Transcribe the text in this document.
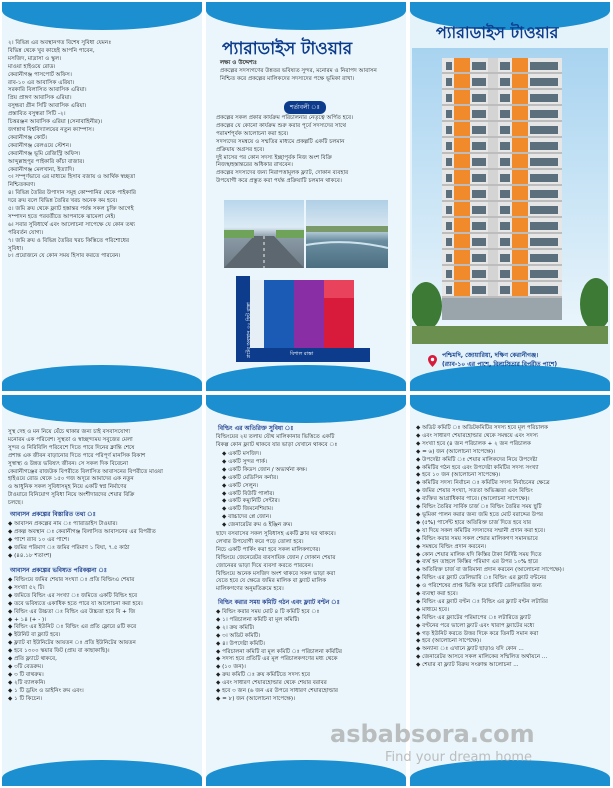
২। বিভিন্ন এর অবস্থানগত বিশেষ সুবিধা যেমনঃ
বিভিন্ন থেকে খুব কাছেই আপনি পাবেন,
মসজিদ, মাদ্রাসা ও স্কুল।
মাওয়া হাইওয়ে রোড।
কেরানীগঞ্জ পাসপোর্ট অফিস।
রাব-১০ এর আবাসিক এরিয়া।
সরকারি বিলাসিত আবাসিক এরিয়া।
প্রিয় প্রাঙ্গণ আবাসিক এরিয়া।
বসুন্ধরা গ্রীন সিটি আবাসিক এরিয়া।
প্রস্তাবিত বসুন্ধরা সিটি -২।
চিত্তরঞ্জন আবাসিক এরিয়া (সেনাবাহিনীর)।
জগন্নাথ বিশ্ববিদ্যালয়ের নতুন ক্যাম্পাস।
কেরানীগঞ্জ কোর্ট।
কেরানীগঞ্জ রেলওয়ে স্টেশন।
কেরানীগঞ্জ ভূমি রেজিস্ট্রি অফিস।
আব্দুল্লাহপুর পাইকারি কাঁচা বাজার।
কেরানীগঞ্জ মেলখানা, ইত্যাদি।
৩। সম্পূর্ণভাবে এর মাধ্যমে হিসাব বজায় ও আর্থিক স্বচ্ছতা
নিশ্চিতকরণ।
৪। বিভিন্ন তৈরির উপাদান সমূহ কোম্পানির থেকে পাইকারি
দরে ক্রয় বলে বিভিন্ন তৈরির খরচ অনেক কম হবে।
৫। জমি ক্রয় থেকে ফ্ল্যাট হস্তান্তর পর্যন্ত সকল চুক্তি আগেই
সম্পাদন হতে পরবর্তীতে আপনাকে ঝামেলা নেই।
৬। সবার সুবিধার্থে এবং আলোচনা সাপেক্ষে যে কোন তথ্য
পরিবর্তন যোগ্য।
৭। জমি ক্রয় ও বিভিন্ন তৈরির খরচ কিস্তিতে পরিশোধের
সুবিধা।
৮। প্রয়োজনে যে কোন সময় হিসাব করতে পারবেন।
প্যারাডাইস টাওয়ার
লক্ষ্য ও উদ্দেশ্যঃ
প্রকল্পের সদস্যগণের উন্নতর ভবিষ্যত সুন্দর, মনোরম ও নিরাপদ আবাসন
নিশ্চিত করে প্রকল্পের মালিকদের সদস্যদের পক্ষে ভূমিকা রাখা।
শর্তাবলী ঃ
প্রকল্পের সকল প্রকার কার্যক্রম পরিচালনার নেতৃত্বে অর্পিত হবে।
প্রকল্পের যে কোনো কার্যক্রম শুরু করার পূর্বে সদস্যদের সাথে
পরামর্শপূর্বক আলোচনা করা হবে।
সদস্যদের সমন্বয়ে ও সম্মতির মাধ্যমে প্রকল্পটি একটি চলমান
প্রক্রিয়ায় অগ্রসর হবে।
দুই মাসের পর কোন সদস্য ইচ্ছাপূর্বক নিজ অংশ বিক্রি
নিজস্ব/হস্তান্তরের অধিকার রাখবেন।
প্রকল্পের সদস্যদের জন্য নিরাপত্তামূলক ফ্ল্যাট, দোকান ব্যবহার
উপযোগী করে প্রস্তুত করা পর্যন্ত প্রক্রিয়াটি চলমান থাকবে।
প্লটের অবস্থান ৩০ ফিট রাস্তা	বিশাল রাস্তা
প্যারাডাইস টাওয়ার
পশ্চিমদি, জোয়ারিয়া, দক্ষিণ কেরানীগঞ্জ।
(র‍্যাব-১০ এর পাশে, বিলাসিতার বিপরীত পাশে)
সুস্থ দেহ ও মন নিয়ে বেঁচে থাকার জন্য চাই বসবাসযোগ্য
মনোরম এক পরিবেশ। সুস্থতা ও স্বাচ্ছন্দ্যময় সবুজের মেলা
সুন্দর ও নিরিবিলি পরিবেশে দিতে পারে দিনের ক্লান্তি শেষে
প্রশান্ত এক জীবন বাড়ানোর দিতে পারে পরিপূর্ণ মানসিক বিকাশ
সুস্বাস্থ্য ও উন্নত ভবিষ্যৎ জীবন। সে সকল দিক বিবেচনা
কেরানীগঞ্জের রাজউক বিপরীতে বিলাসিত আবাসনের বিপরীতে মাওয়া
হাইওয়ে রোড থেকে ১৫০ গজ অদূরে আমাদের এক নতুন
ও আধুনিক সকল সুবিধাসমূহ নিয়ে একটি স্বপ্ন নির্মাণের
টাওয়ারে বিনিয়োগ সুবিধা নিয়ে অংশীদারদের শেয়ার বিক্রি
চলছে।
আবাসন প্রকল্পের বিস্তারিত তথ্য ঃ
◆ আবাসন প্রকল্পের নাম ঃ প্যারাডাইস টাওয়ার।
◆ প্রকল্প অবস্থান ঃ কেরানীগঞ্জ বিলাসিত আবাসনের এর বিপরীত
◆ পাশে র‍্যাব ১০ এর পাশে।
◆ জমির পরিমাণ ঃ জমির পরিমাণ ১ বিঘা, ৭.৫ কাঠা
◆ (৪৪.১৮ শতাংশ)
আবাসন প্রকল্পের ভবিষ্যত পরিকল্পনা ঃ
◆ বিল্ডিংয়ে জমির শেয়ার সংখ্যা ঃ প্রতি বিল্ডিংএ শেয়ার
◆ সংখ্যা ৫২ টি।
◆ জমিতে বিল্ডিং এর সংখ্যা ঃ জমিতে একটি বিল্ডিং হবে
◆ তবে ভবিষ্যতে একাধিক হতে পারে যা আলোচনা করা হবে।
◆ বিল্ডিং এর উচ্চতা ঃ বিল্ডিং এর উচ্চতা হবে বি + জি
◆ + ১৪ (+ - )।
◆ বিল্ডিং এর ইউনিট ঃ বিল্ডিং এর প্রতি ফ্লোরে ৪টি করে
◆ ইউনিট বা ফ্ল্যাট হবে।
◆ ফ্ল্যাট বা ইউনিটের আয়তন ঃ প্রতি ইউনিটের আয়তন
◆ হবে ১৩০০ স্কয়ার ফিট (প্রায় বা কাছাকাছি)।
◆ প্রতি ফ্ল্যাটে থাকবে,
◆ ৩টি বেডরুম।
◆ ৩ টি বাথরুম।
◆ ২টি ব্যালকনি।
◆ ১ টি ড্রয়িং ও ডাইনিং রুম এবং।
◆ ১ টি কিচেন।
বিল্ডিং এর অতিরিক্ত সুবিধা ঃ
বিল্ডিংয়ের ২য় তলায় যৌথ মালিকানার ভিত্তিতে একটি
বিকল্প কোন ফ্ল্যাট থাকবে যার ভাড়া যেখানে থাকবে ঃ
◆ একটি মসজিদ।
◆ একটি সুন্দর পার্ক।
◆ একটি কিডস জোন / অভ্যর্থনা কক্ষ।
◆ একটি মেডিসিন কর্নার।
◆ একটি সেলুন।
◆ একটি বিউটি পার্লার।
◆ একটি কম্যুনিটি সেন্টার।
◆ একটি জিমনেশিয়াম।
◆ বাচ্চাদের প্লে জোন।
◆ জেনারেটর রুম ও ইঞ্জিন রুম।
ছাদে বসবাসের সকল সুবিধাসহ একটি ক্লাব ঘর থাকবে।
লেখার উপযোগী করে পড়ে তোলা হবে।
নিচে একটি পার্কিং করা হবে সকল মালিকগণের।
বিল্ডিংয়ে জেনেরেটর ব্যবসায়িক জোন / দোকান শেয়ার
জোনেরর ভাড়া দিয়ে ব্যবসা করতে পারবেন।
বিল্ডিংয়ে অনেক মসজিদ অংশ থাকবে সকল ভাড়া করা
যেতে হবে যে ক্ষেত্রে জমির মালিক বা ফ্ল্যাট মালিক
মালিকগণের অনুমতিক্রমে হবে।
বিল্ডিং করার সময় কমিটি গঠন এবং ফ্ল্যাট বণ্টন ঃ
◆ বিল্ডিং করার সময় মোট ৪ টি কমিটি হবে ঃ
◆ ১। পরিচালনা কমিটি বা মূল কমিটি।
◆ ২। ক্রয় কমিটি।
◆ ৩। অডিট কমিটি।
◆ ৪। উপদেষ্টা কমিটি।
◆ পরিচালনা কমিটি বা মূল কমিটি ঃ পরিচালনা কমিটির
◆ সদস্য হবে প্রতিটি এর মূল পরিচালকগণের মধ্য থেকে
◆ (১০ জন)।
◆ ক্রয় কমিটি ঃ ক্রয় কমিটিতে সদস্য হবে
◆ এবং সাধারণ শেয়ারহোল্ডার থেকে শেয়ার বরাবর
◆ হবে ৩ জন (৬ জন এর উপরে সাধারণ শেয়ারহোল্ডার
◆ = ৮) জন (আলোচনা সাপেক্ষে)।
◆ অডিট কমিটি ঃ অডিটকমিটির সদস্য হবে মূল পরিচালক
◆ এবং সাধারণ শেয়ারহোল্ডার থেকে সমন্বয়ে এবং সদস্য
◆ সংখ্যা হবে (৪ জন পরিচালক + ২ জন পরিচালক
◆ = ৬) জন (আলোচনা সাপেক্ষে)।
◆ উপদেষ্টা কমিটি ঃ শেয়ার মালিকদের নিয়ে উপদেষ্টা
◆ কমিটির গঠন হবে এবং উপদেষ্টা কমিটির সদস্য সংখ্যা
◆ হবে ১০ জন (আলোচনা সাপেক্ষে)।
◆ কমিটির সদস্য নির্বাচন ঃ কমিটির সদস্য নির্বাচনের ক্ষেত্রে
◆ জমির শেয়ার সংখ্যা, সততা অভিজ্ঞতা এবং বিল্ডিং
◆ ব্যক্তির আগ্রাধিকার পাবে। (আলোচনা সাপেক্ষে)।
◆ বিল্ডিং তৈরির সার্বিক চার্জ ঃ বিল্ডিং তৈরির সময় ছুটি
◆ ভূমিকা পালন করার জন্য জমি হতে মোট বরাদ্দের উপর
◆ (৫%) পার্সেন্ট হারে অতিরিক্ত চার্জ দিতে হবে যার
◆ যা দিয়ে সকল কমিটির সদস্যদের সম্মানী প্রদান করা হবে।
◆ বিল্ডিং করার সময় সকল শেয়ার মালিকগণ সমানভাবে
◆ সমন্বয়ে বিল্ডিং প্রদান করবেন।
◆ কোন শেয়ার মালিক যদি কিস্তির টাকা নির্দিষ্ট সময় দিতে
◆ ব্যর্থ হন তাহলে কিস্তির পরিমাণ এর উপর ১০% হারে
◆ অতিরিক্ত চার্জ বা জরিমানা প্রদান করবেন (আলোচনা সাপেক্ষে)।
◆ বিল্ডিং এর ফ্ল্যাট ডেলিভারি ঃ বিল্ডিং এর ফ্ল্যাট বন্টনের
◆ ও পরিশেষের প্রাপ্ত ভিত্তি করে চাবিটি ডেলিভারির জন্য
◆ ব্যবস্থা করা হবে।
◆ বিল্ডিং এর ফ্ল্যাট বণ্টন ঃ বিল্ডিং এর ফ্ল্যাট বণ্টন লটারির
◆ মাধ্যমে হবে।
◆ বিল্ডিং এর ফ্ল্যাটের পরিমাপের ঃ লটারিতে ফ্ল্যাট
◆ বণ্টনের পরে ভালো ফ্ল্যাট এবং খারাপ ফ্ল্যাটের মধ্যে
◆ গড় ইউনিট করতে উত্তর দিকে করে তিনটি সমান করা
◆ হবে (আলোচনা সাপেক্ষে)।
◆ অন্যান্য ঃ এখানে ফ্ল্যাট ছাড়াও যদি কোন ...
◆ জেনারেটর আসবে সকল মালিকের সম্মিলিত অর্থায়নে ...
◆ শেয়ার বা ফ্ল্যাট বিক্রয় সংক্রান্ত আলোচনা ...
asbabsora.com
Find your dream home
